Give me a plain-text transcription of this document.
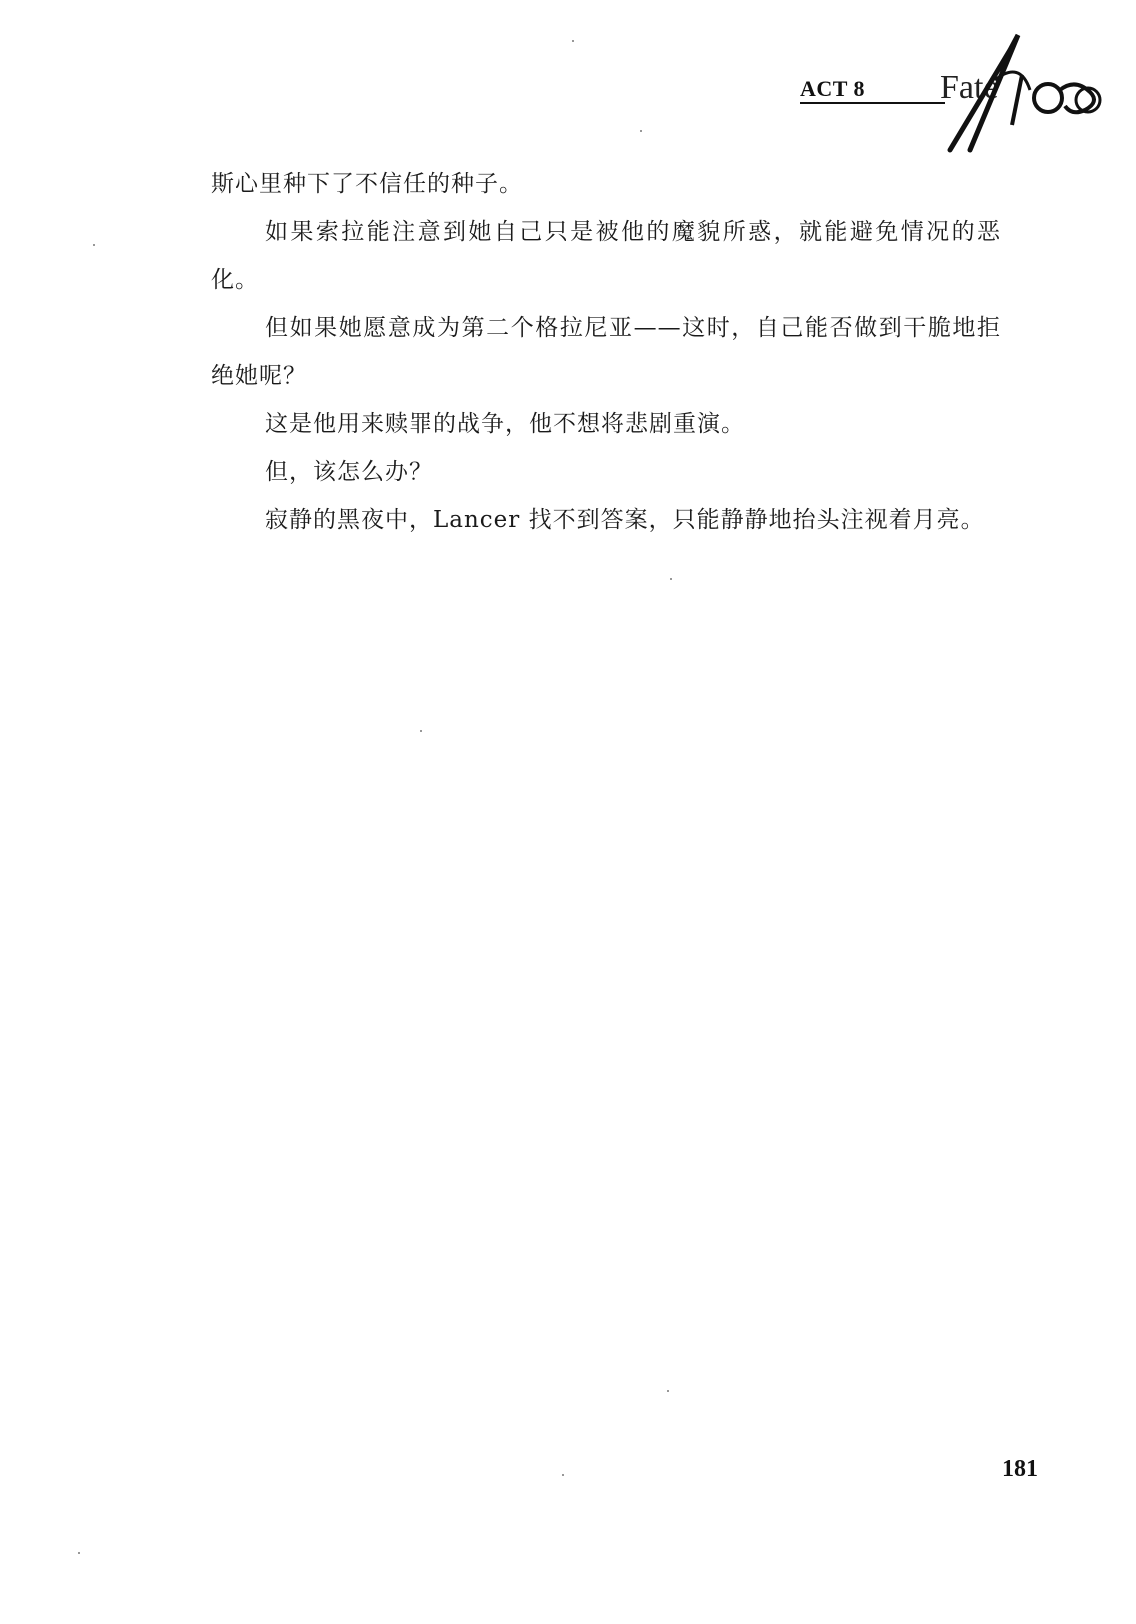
ACT 8 Fate

斯心里种下了不信任的种子。

如果索拉能注意到她自己只是被他的魔貌所惑，就能避免情况的恶化。

但如果她愿意成为第二个格拉尼亚——这时，自己能否做到干脆地拒绝她呢？

这是他用来赎罪的战争，他不想将悲剧重演。

但，该怎么办？

寂静的黑夜中，Lancer 找不到答案，只能静静地抬头注视着月亮。

181
